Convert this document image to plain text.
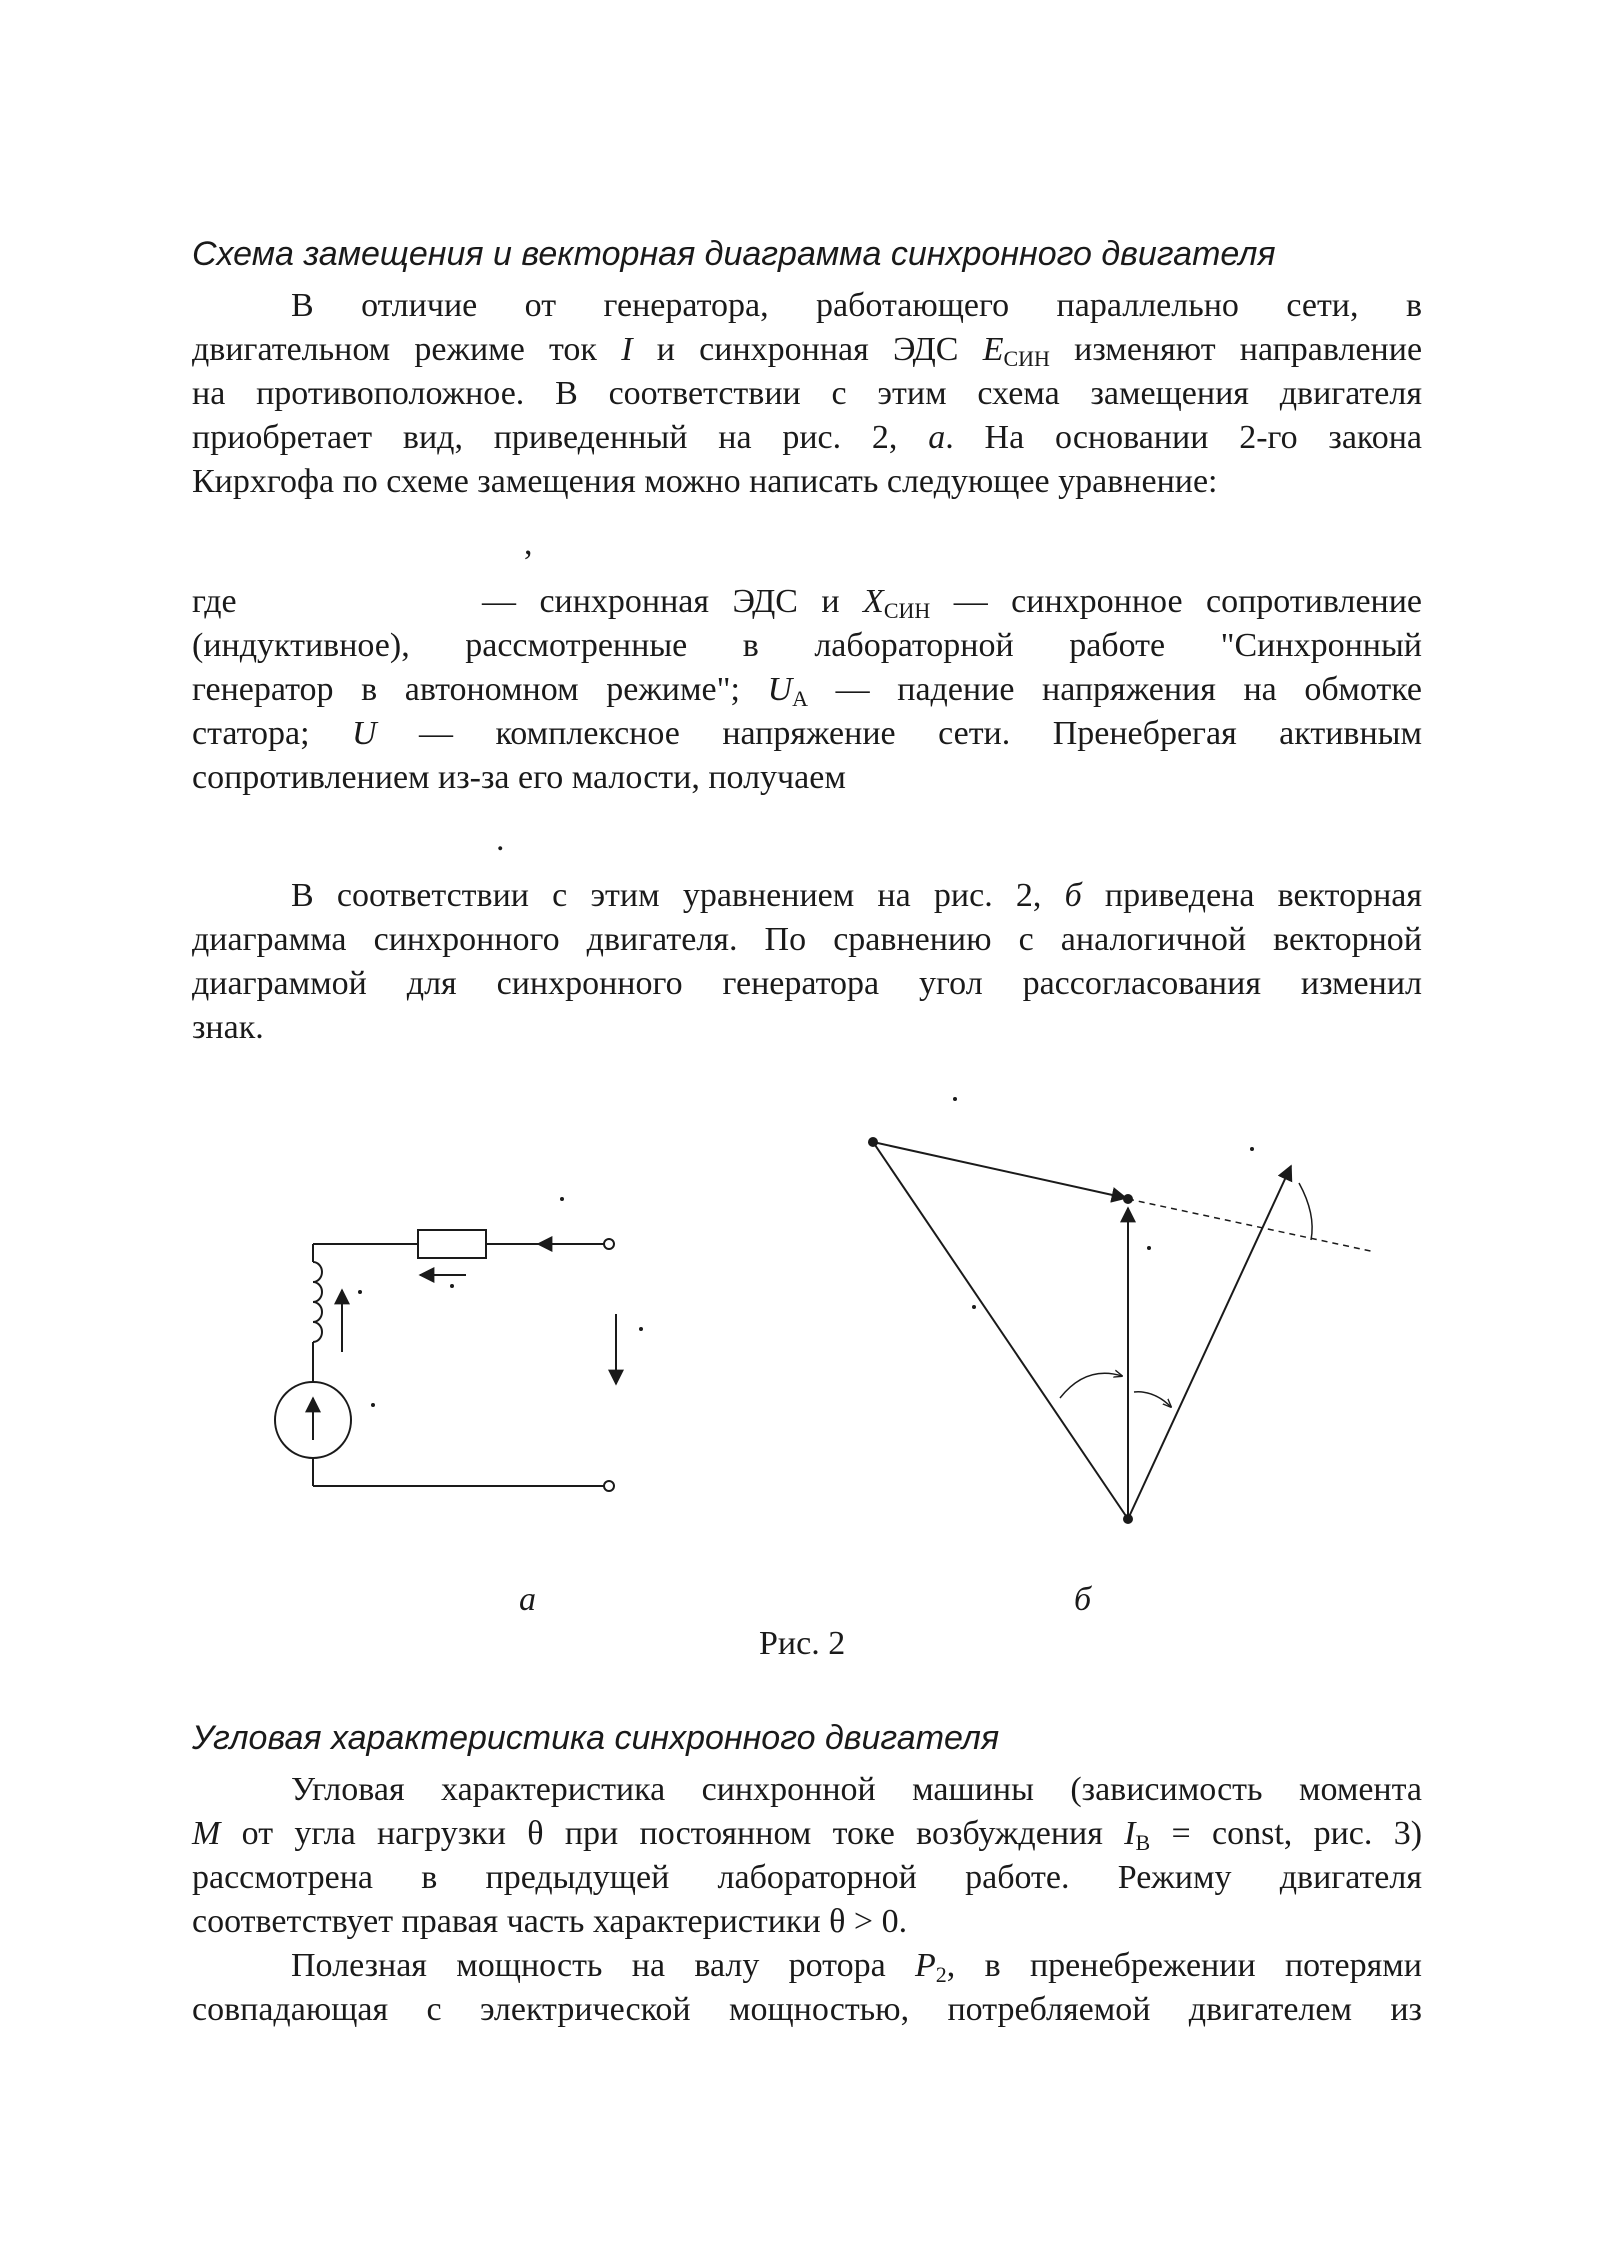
Схема замещения и векторная диаграмма синхронного двигателя
В отличие от генератора, работающего параллельно сети, в
двигательном режиме ток I и синхронная ЭДС EСИН изменяют направление
на противоположное. В соответствии с этим схема замещения двигателя
приобретает вид, приведенный на рис. 2, а. На основании 2-го закона
Кирхгофа по схеме замещения можно написать следующее уравнение:
,
где	— синхронная ЭДС и XСИН — синхронное сопротивление
(индуктивное), рассмотренные в лабораторной работе "Синхронный
генератор в автономном режиме"; UA — падение напряжения на обмотке
статора; U — комплексное напряжение сети. Пренебрегая активным
сопротивлением из-за его малости, получаем
.
В соответствии с этим уравнением на рис. 2, б приведена векторная
диаграмма синхронного двигателя. По сравнению с аналогичной векторной
диаграммой для синхронного генератора угол рассогласования изменил
знак.
а	б
Рис. 2
Угловая характеристика синхронного двигателя
Угловая характеристика синхронной машины (зависимость момента
M от угла нагрузки θ при постоянном токе возбуждения IВ = const, рис. 3)
рассмотрена в предыдущей лабораторной работе. Режиму двигателя
соответствует правая часть характеристики θ > 0.
Полезная мощность на валу ротора P2, в пренебрежении потерями
совпадающая с электрической мощностью, потребляемой двигателем из
